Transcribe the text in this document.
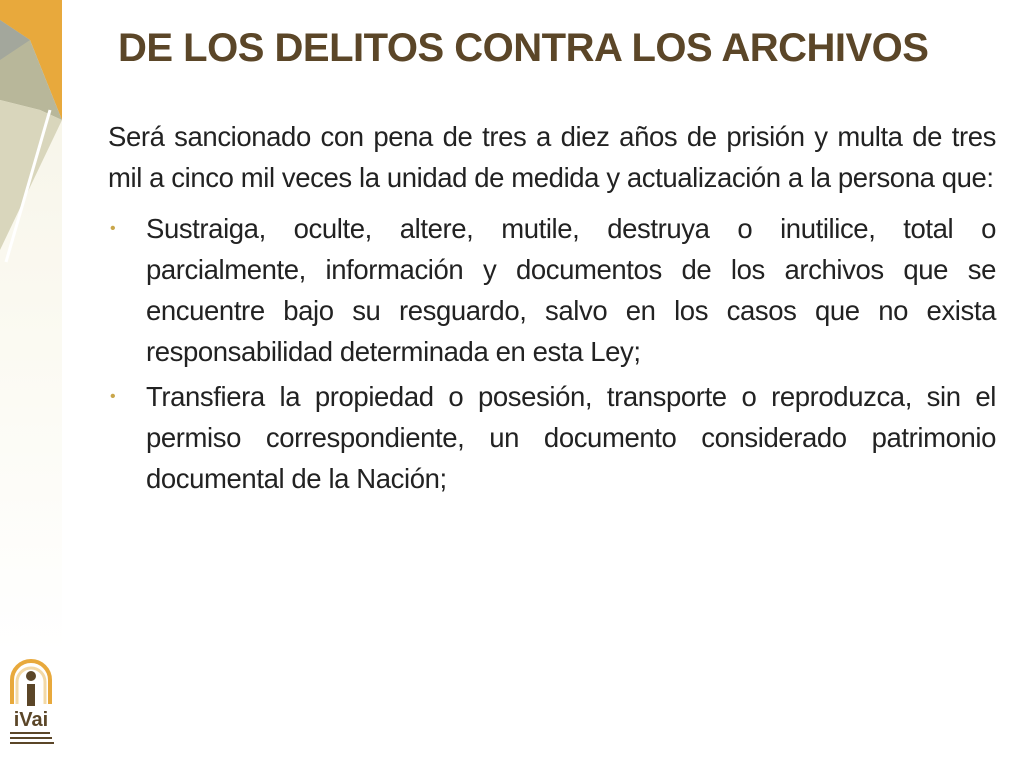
DE LOS DELITOS CONTRA LOS ARCHIVOS

Será sancionado con pena de tres a diez años de prisión y multa de tres mil a cinco mil veces la unidad de medida y actualización a la persona que:

• Sustraiga, oculte, altere, mutile, destruya o inutilice, total o parcialmente, información y documentos de los archivos que se encuentre bajo su resguardo, salvo en los casos que no exista responsabilidad determinada en esta Ley;
• Transfiera la propiedad o posesión, transporte o reproduzca, sin el permiso correspondiente, un documento considerado patrimonio documental de la Nación;
iVai
